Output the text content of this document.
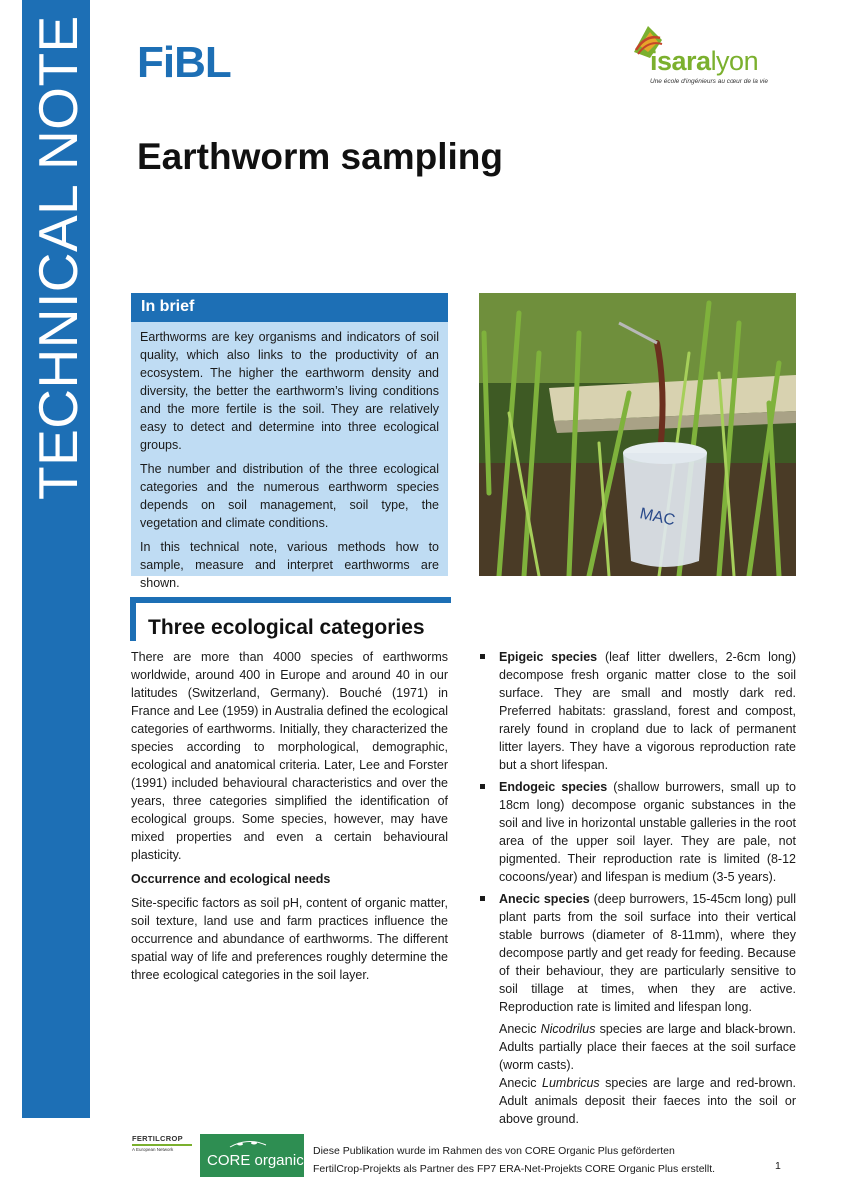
TECHNICAL NOTE FiBL	isaralyon
Une école d'ingénieurs au cœur de la vie
Earthworm sampling
In brief

Earthworms are key organisms and indicators of soil quality, which also links to the productivity of an ecosystem. The higher the earthworm density and diversity, the better the earthworm’s living conditions and the more fertile is the soil. They are relatively easy to detect and determine into three ecological groups.

The number and distribution of the three ecological categories and the numerous earthworm species depends on soil management, soil type, the vegetation and climate conditions.

In this technical note, various methods how to sample, measure and interpret earthworms are shown.

MAC
Three ecological categories

There are more than 4000 species of earthworms worldwide, around 400 in Europe and around 40 in our latitudes (Switzerland, Germany). Bouché (1971) in France and Lee (1959) in Australia defined the ecological categories of earthworms. Initially, they characterized the species according to morphological, demographic, ecological and anatomical criteria. Later, Lee and Forster (1991) included behavioural characteristics and over the years, three categories simplified the identification of ecological groups. Some species, however, may have mixed properties and even a certain behavioural plasticity.

Occurrence and ecological needs

Site-specific factors as soil pH, content of organic matter, soil texture, land use and farm practices influence the occurrence and abundance of earthworms. The different spatial way of life and preferences roughly determine the three ecological categories in the soil layer.

Epigeic species (leaf litter dwellers, 2-6cm long) decompose fresh organic matter close to the soil surface. They are small and mostly dark red. Preferred habitats: grassland, forest and compost, rarely found in cropland due to lack of permanent litter layers. They have a vigorous reproduction rate but a short lifespan.
Endogeic species (shallow burrowers, small up to 18cm long) decompose organic substances in the soil and live in horizontal unstable galleries in the root area of the upper soil layer. They are pale, not pigmented. Their reproduction rate is limited (8-12 cocoons/year) and lifespan is medium (3-5 years).
Anecic species (deep burrowers, 15-45cm long) pull plant parts from the soil surface into their vertical stable burrows (diameter of 8-11mm), where they decompose partly and get ready for feeding. Because of their behaviour, they are particularly sensitive to soil tillage at times, when they are active. Reproduction rate is limited and lifespan long.
Anecic Nicodrilus species are large and black-brown. Adults partially place their faeces at the soil surface (worm casts).
Anecic Lumbricus species are large and red-brown. Adult animals deposit their faeces into the soil or above ground.
FERTILCROP
A European Network
CORE organic
Diese Publikation wurde im Rahmen des von CORE Organic Plus geförderten
FertilCrop-Projekts als Partner des FP7 ERA-Net-Projekts CORE Organic Plus erstellt.	1
